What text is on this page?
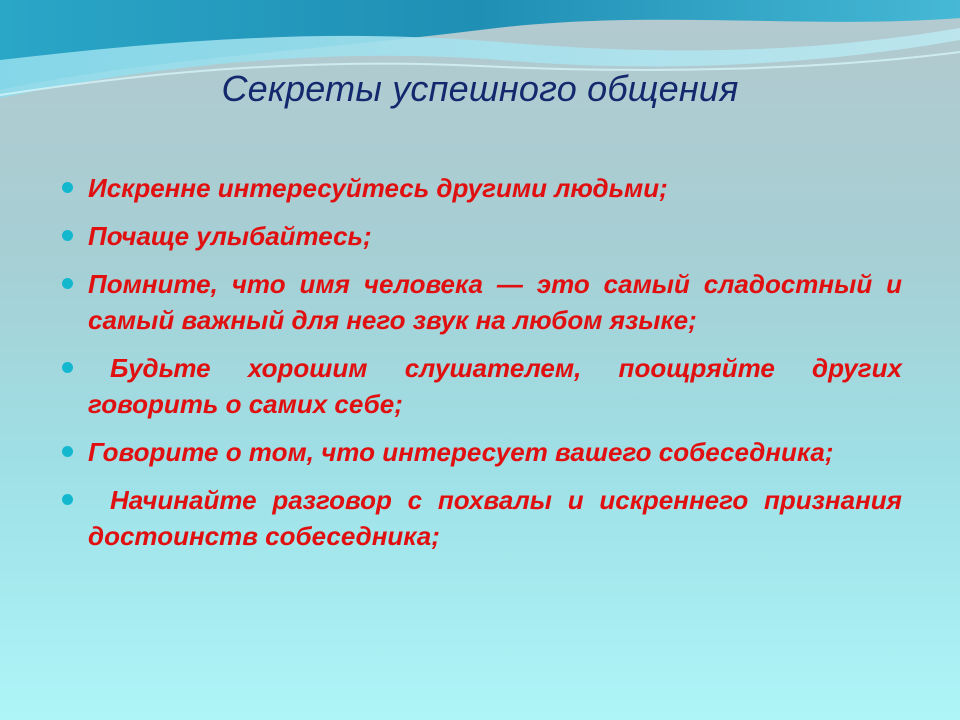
Секреты успешного общения
Искренне интересуйтесь другими людьми;
Почаще улыбайтесь;
Помните, что имя человека — это самый сладостный и самый важный для него звук на любом языке;
Будьте хорошим слушателем, поощряйте других говорить о самих себе;
Говорите о том, что интересует вашего собеседника;
Начинайте разговор с похвалы и искреннего признания достоинств собеседника;
